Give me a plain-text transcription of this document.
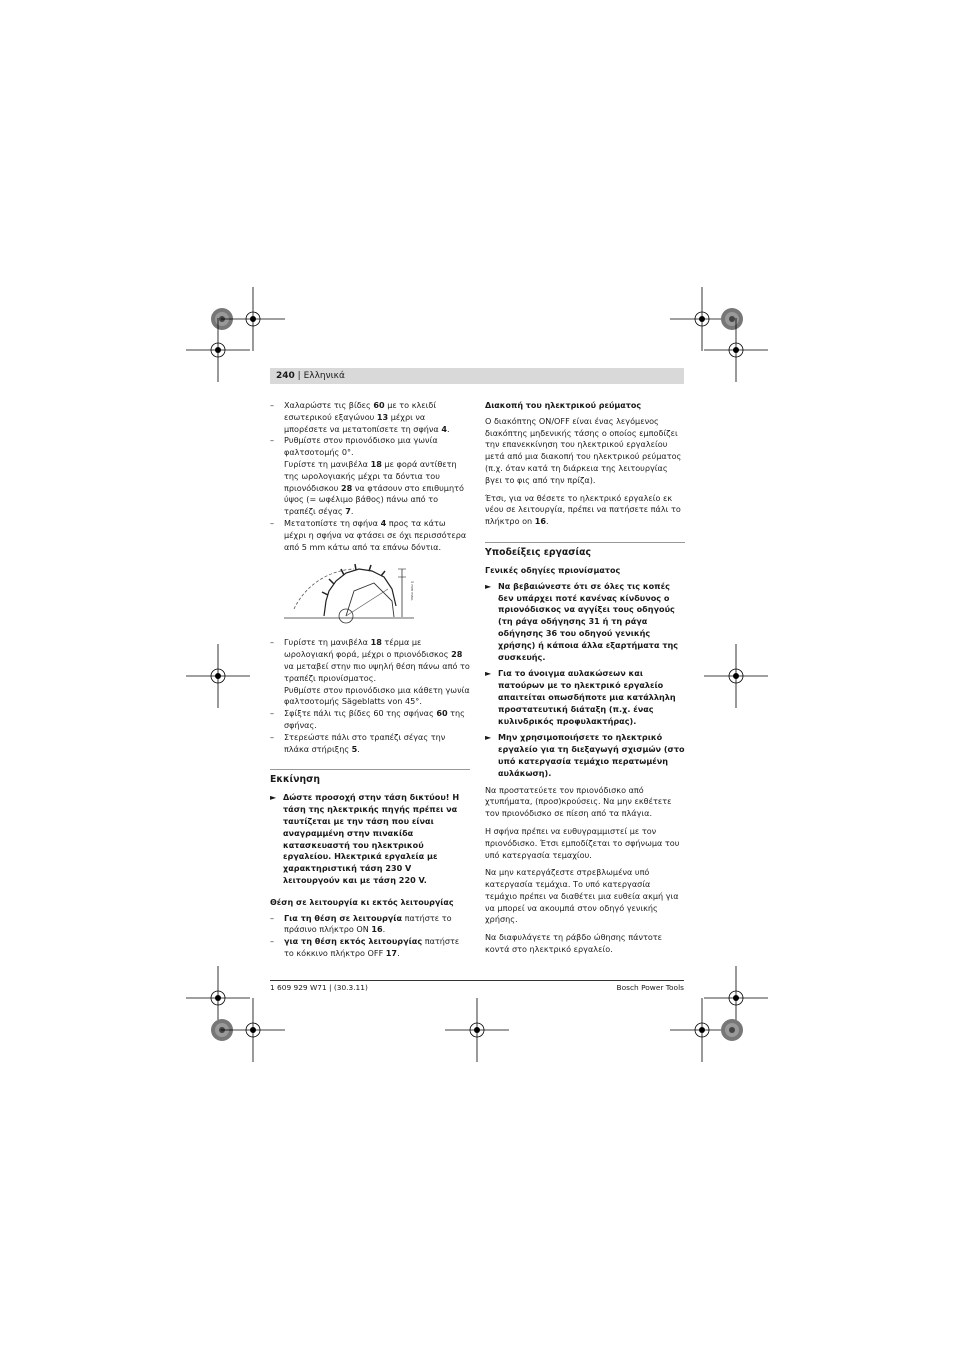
240 | Ελληνικά
– Χαλαρώστε τις βίδες 60 με το κλειδί εσωτερικού εξαγώνου 13 μέχρι να μπορέσετε να μετατοπίσετε τη σφήνα 4.
– Ρυθμίστε στον πριονόδισκο μια γωνία φαλτσοτομής 0°.
Γυρίστε τη μανιβέλα 18 με φορά αντίθετη της ωρολογιακής μέχρι τα δόντια του πριονόδισκου 28 να φτάσουν στο επιθυμητό ύψος (= ωφέλιμο βάθος) πάνω από το τραπέζι σέγας 7.
– Μετατοπίστε τη σφήνα 4 προς τα κάτω μέχρι η σφήνα να φτάσει σε όχι περισσότερα από 5 mm κάτω από τα επάνω δόντια.
5 mm max.
– Γυρίστε τη μανιβέλα 18 τέρμα με ωρολογιακή φορά, μέχρι ο πριονόδισκος 28 να μεταβεί στην πιο υψηλή θέση πάνω από το τραπέζι πριονίσματος.
Ρυθμίστε στον πριονόδισκο μια κάθετη γωνία φαλτσοτομής Sägeblatts von 45°.
– Σφίξτε πάλι τις βίδες 60 της σφήνας 60 της σφήνας.
– Στερεώστε πάλι στο τραπέζι σέγας την πλάκα στήριξης 5.
Εκκίνηση
► Δώστε προσοχή στην τάση δικτύου! Η τάση της ηλεκτρικής πηγής πρέπει να ταυτίζεται με την τάση που είναι αναγραμμένη στην πινακίδα κατασκευαστή του ηλεκτρικού εργαλείου. Ηλεκτρικά εργαλεία με χαρακτηριστική τάση 230 V λειτουργούν και με τάση 220 V.
Θέση σε λειτουργία κι εκτός λειτουργίας
– Για τη θέση σε λειτουργία πατήστε το πράσινο πλήκτρο ON 16.
– για τη θέση εκτός λειτουργίας πατήστε το κόκκινο πλήκτρο OFF 17.
Διακοπή του ηλεκτρικού ρεύματος

Ο διακόπτης ON/OFF είναι ένας λεγόμενος διακόπτης μηδενικής τάσης ο οποίος εμποδίζει την επανεκκίνηση του ηλεκτρικού εργαλείου μετά από μια διακοπή του ηλεκτρικού ρεύματος (π.χ. όταν κατά τη διάρκεια της λειτουργίας βγει το φις από την πρίζα).

Έτσι, για να θέσετε το ηλεκτρικό εργαλείο εκ νέου σε λειτουργία, πρέπει να πατήσετε πάλι το πλήκτρο on 16.

Υποδείξεις εργασίας
Γενικές οδηγίες πριονίσματος
► Να βεβαιώνεστε ότι σε όλες τις κοπές δεν υπάρχει ποτέ κανένας κίνδυνος ο πριονόδισκος να αγγίξει τους οδηγούς (τη ράγα οδήγησης 31 ή τη ράγα οδήγησης 36 του οδηγού γενικής χρήσης) ή κάποια άλλα εξαρτήματα της συσκευής.
► Για το άνοιγμα αυλακώσεων και πατούρων με το ηλεκτρικό εργαλείο απαιτείται οπωσδήποτε μια κατάλληλη προστατευτική διάταξη (π.χ. ένας κυλινδρικός προφυλακτήρας).
► Μην χρησιμοποιήσετε το ηλεκτρικό εργαλείο για τη διεξαγωγή σχισμών (στο υπό κατεργασία τεμάχιο περατωμένη αυλάκωση).

Να προστατεύετε τον πριονόδισκο από χτυπήματα, (προσ)κρούσεις. Να μην εκθέτετε τον πριονόδισκο σε πίεση από τα πλάγια.

Η σφήνα πρέπει να ευθυγραμμιστεί με τον πριονόδισκο. Έτσι εμποδίζεται το σφήνωμα του υπό κατεργασία τεμαχίου.

Να μην κατεργάζεστε στρεβλωμένα υπό κατεργασία τεμάχια. Το υπό κατεργασία τεμάχιο πρέπει να διαθέτει μια ευθεία ακμή για να μπορεί να ακουμπά στον οδηγό γενικής χρήσης.

Να διαφυλάγετε τη ράβδο ώθησης πάντοτε κοντά στο ηλεκτρικό εργαλείο.

1 609 929 W71 | (30.3.11)	Bosch Power Tools
